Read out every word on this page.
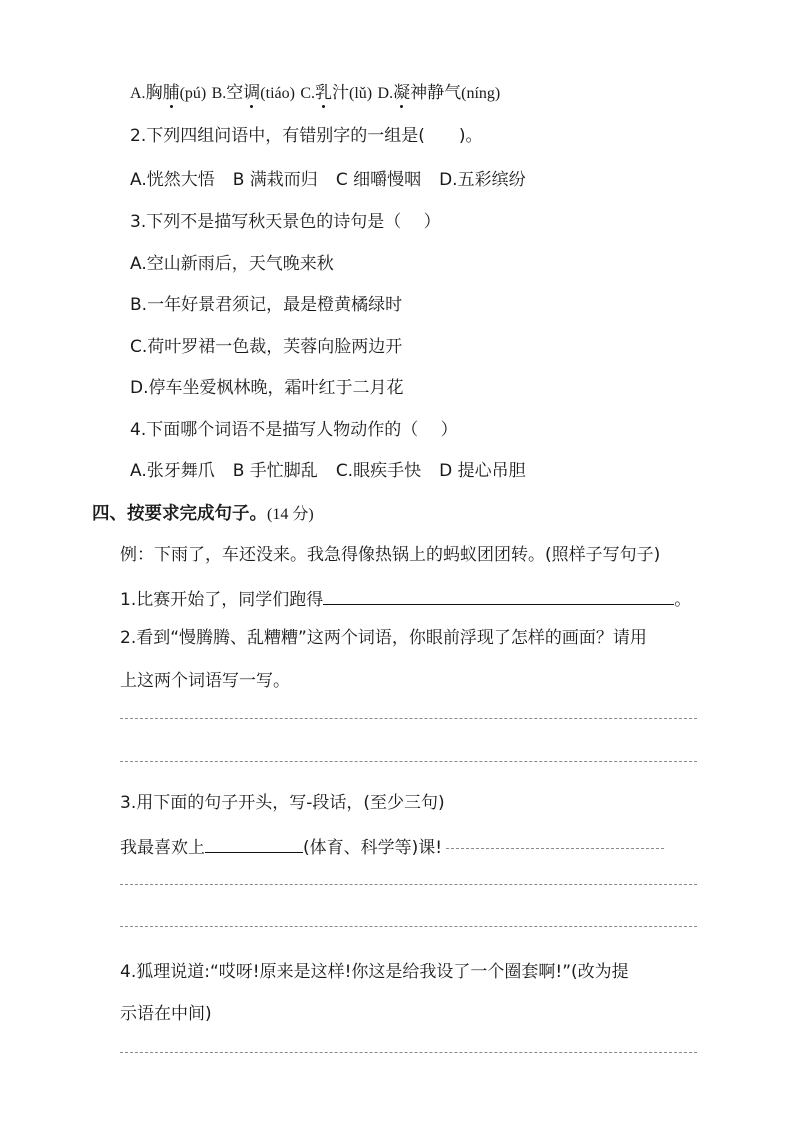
A.胸脯(pú) B.空调(tiáo) C.乳汁(lǔ) D.凝神静气(níng)
2.下列四组问语中，有错别字的一组是(　　)。
A.恍然大悟 B 满栽而归 C 细嚼慢咽 D.五彩缤纷
3.下列不是描写秋天景色的诗句是（　 ）
A.空山新雨后，天气晚来秋
B.一年好景君须记，最是橙黄橘绿时
C.荷叶罗裙一色裁，芙蓉向脸两边开
D.停车坐爱枫林晚，霜叶红于二月花
4.下面哪个词语不是描写人物动作的（　 ）
A.张牙舞爪 B 手忙脚乱 C.眼疾手快 D 提心吊胆
四、按要求完成句子。(14 分)
例：下雨了，车还没来。我急得像热锅上的蚂蚁团团转。(照样子写句子)
1.比赛开始了，同学们跑得	。
2.看到“慢腾腾、乱糟糟”这两个词语，你眼前浮现了怎样的画面？请用
上这两个词语写一写。
3.用下面的句子开头，写-段话，(至少三句)
我最喜欢上	(体育、科学等)课!
4.狐理说道:“哎呀!原来是这样!你这是给我设了一个圈套啊!”(改为提
示语在中间)
